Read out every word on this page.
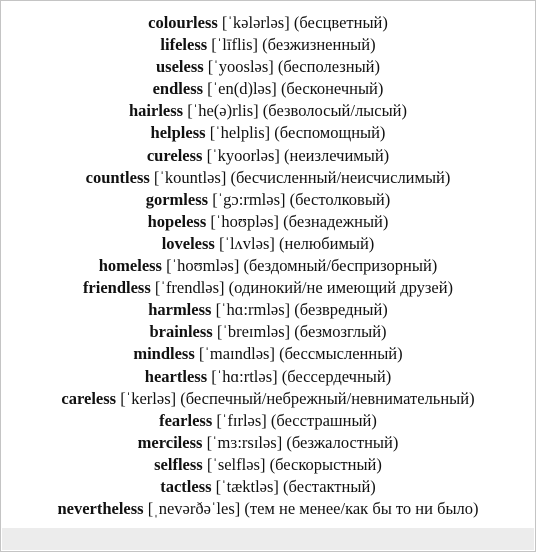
colourless [ˈkələrləs] (бесцветный)
lifeless [ˈlīflis] (безжизненный)
useless [ˈyoosləs] (бесполезный)
endless [ˈen(d)ləs] (бесконечный)
hairless [ˈhe(ə)rlis] (безволосый/лысый)
helpless [ˈhelplis] (беспомощный)
cureless [ˈkyoorləs] (неизлечимый)
countless [ˈkountləs] (бесчисленный/неисчислимый)
gormless [ˈgɔ:rmləs] (бестолковый)
hopeless [ˈhoʊpləs] (безнадежный)
loveless [ˈlʌvləs] (нелюбимый)
homeless [ˈhoʊmləs] (бездомный/беспризорный)
friendless [ˈfrendləs] (одинокий/не имеющий друзей)
harmless [ˈhɑ:rmləs] (безвредный)
brainless [ˈbreɪmləs] (безмозглый)
mindless [ˈmaɪndləs] (бессмысленный)
heartless [ˈhɑ:rtləs] (бессердечный)
careless [ˈkerləs] (беспечный/небрежный/невнимательный)
fearless [ˈfɪrləs] (бесстрашный)
merciless [ˈmɜ:rsɪləs] (безжалостный)
selfless [ˈselfləs] (бескорыстный)
tactless [ˈtæktləs] (бестактный)
nevertheless [ˌnevərðəˈles] (тем не менее/как бы то ни было)
